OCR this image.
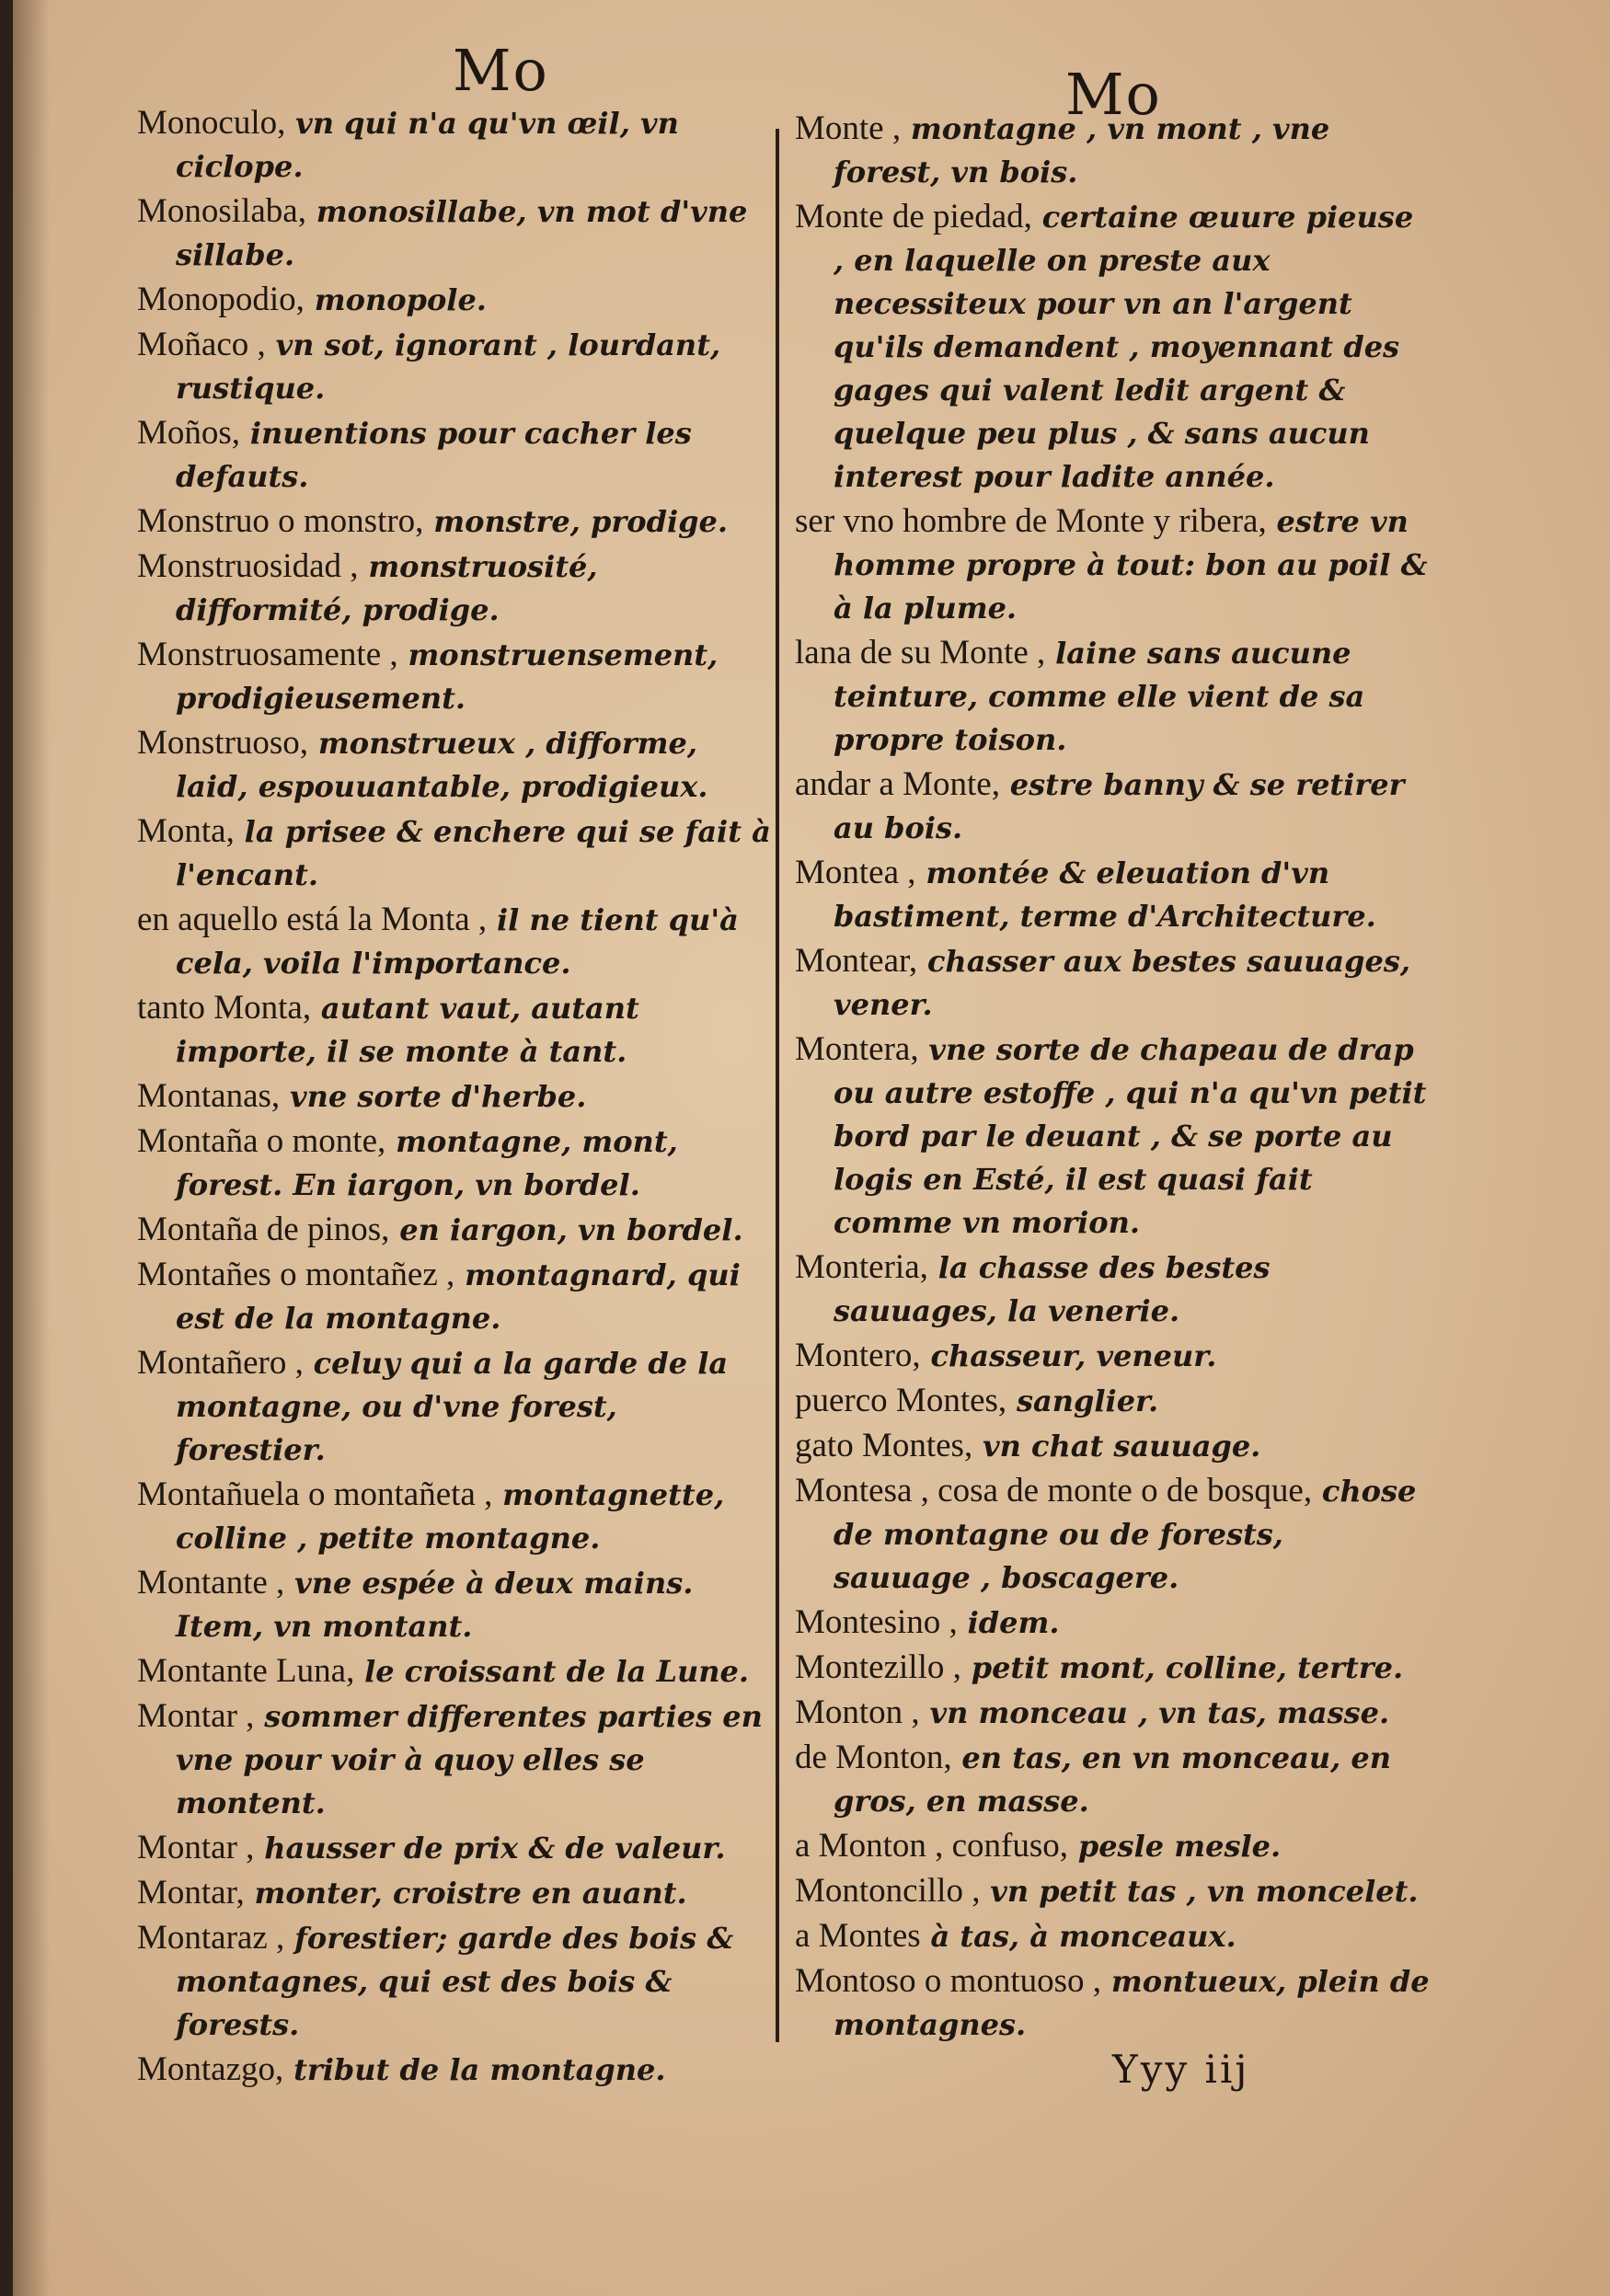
Mo	Mo
Monoculo, vn qui n'a qu'vn œil, vn ciclope.
Monosilaba, monosillabe, vn mot d'vne sillabe.
Monopodio, monopole.
Moñaco , vn sot, ignorant , lourdant, rustique.
Moños, inuentions pour cacher les defauts.
Monstruo o monstro, monstre, prodige.
Monstruosidad , monstruosité, difformité, prodige.
Monstruosamente , monstruensement, prodigieusement.
Monstruoso, monstrueux , difforme, laid, espouuantable, prodigieux.
Monta, la prisee & enchere qui se fait à l'encant.
en aquello está la Monta , il ne tient qu'à cela, voila l'importance.
tanto Monta, autant vaut, autant importe, il se monte à tant.
Montanas, vne sorte d'herbe.
Montaña o monte, montagne, mont, forest. En iargon, vn bordel.
Montaña de pinos, en iargon, vn bordel.
Montañes o montañez , montagnard, qui est de la montagne.
Montañero , celuy qui a la garde de la montagne, ou d'vne forest, forestier.
Montañuela o montañeta , montagnette, colline , petite montagne.
Montante , vne espée à deux mains. Item, vn montant.
Montante Luna, le croissant de la Lune.
Montar , sommer differentes parties en vne pour voir à quoy elles se montent.
Montar , hausser de prix & de valeur.
Montar, monter, croistre en auant.
Montaraz , forestier; garde des bois & montagnes, qui est des bois & forests.
Montazgo, tribut de la montagne.
Monte , montagne , vn mont , vne forest, vn bois.
Monte de piedad, certaine œuure pieuse , en laquelle on preste aux necessiteux pour vn an l'argent qu'ils demandent , moyennant des gages qui valent ledit argent & quelque peu plus , & sans aucun interest pour ladite année.
ser vno hombre de Monte y ribera, estre vn homme propre à tout: bon au poil & à la plume.
lana de su Monte , laine sans aucune teinture, comme elle vient de sa propre toison.
andar a Monte, estre banny & se retirer au bois.
Montea , montée & eleuation d'vn bastiment, terme d'Architecture.
Montear, chasser aux bestes sauuages, vener.
Montera, vne sorte de chapeau de drap ou autre estoffe , qui n'a qu'vn petit bord par le deuant , & se porte au logis en Esté, il est quasi fait comme vn morion.
Monteria, la chasse des bestes sauuages, la venerie.
Montero, chasseur, veneur.
puerco Montes, sanglier.
gato Montes, vn chat sauuage.
Montesa , cosa de monte o de bosque, chose de montagne ou de forests, sauuage , boscagere.
Montesino , idem.
Montezillo , petit mont, colline, tertre.
Monton , vn monceau , vn tas, masse.
de Monton, en tas, en vn monceau, en gros, en masse.
a Monton , confuso, pesle mesle.
Montoncillo , vn petit tas , vn moncelet.
a Montes à tas, à monceaux.
Montoso o montuoso , montueux, plein de montagnes.
Yyy iij
